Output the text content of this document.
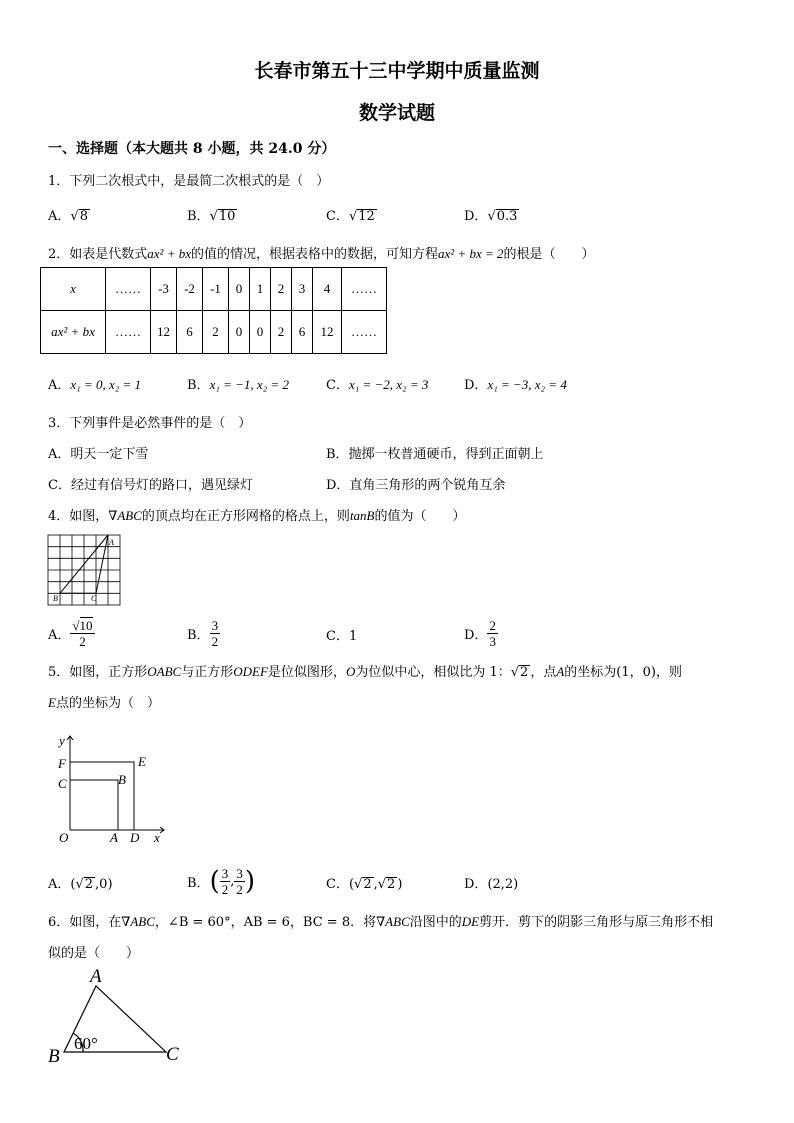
长春市第五十三中学期中质量监测
数学试题
一、选择题（本大题共 8 小题，共 24.0 分）
1．下列二次根式中，是最简二次根式的是（　）
A．√8	B．√10	C．√12	D．√0.3
2．如表是代数式ax² + bx的值的情况，根据表格中的数据，可知方程ax² + bx = 2的根是（　　）
x	……	-3	-2	-1	0	1	2	3	4	……
ax² + bx	……	12	6	2	0	0	2	6	12	……
A．x₁ = 0, x₂ = 1	B．x₁ = −1, x₂ = 2	C．x₁ = −2, x₂ = 3	D．x₁ = −3, x₂ = 4
3．下列事件是必然事件的是（　）
A．明天一定下雪	B．抛掷一枚普通硬币，得到正面朝上
C．经过有信号灯的路口，遇见绿灯	D．直角三角形的两个锐角互余
4．如图，∇ABC的顶点均在正方形网格的格点上，则tanB的值为（　　）
A
B	C
A． $\frac{√10}{2}$	B． $\frac{3}{2}$	C．1	D． $\frac{2}{3}$
5．如图，正方形OABC与正方形ODEF是位似图形，O为位似中心，相似比为 1：√2 ，点A的坐标为(1，0)，则
E点的坐标为（　）
y
x
O	A
B
C
D
E
F
A．(√2 ,0)	B．( $\frac{3}{2}$ , $\frac{3}{2}$ )	C．(√2 ,√2 )	D．(2,2)
6．如图，在∇ABC，∠B = 60°，AB = 6，BC = 8．将∇ABC沿图中的DE剪开．剪下的阴影三角形与原三角形不相
似的是（　　）
A
B	C
60°
